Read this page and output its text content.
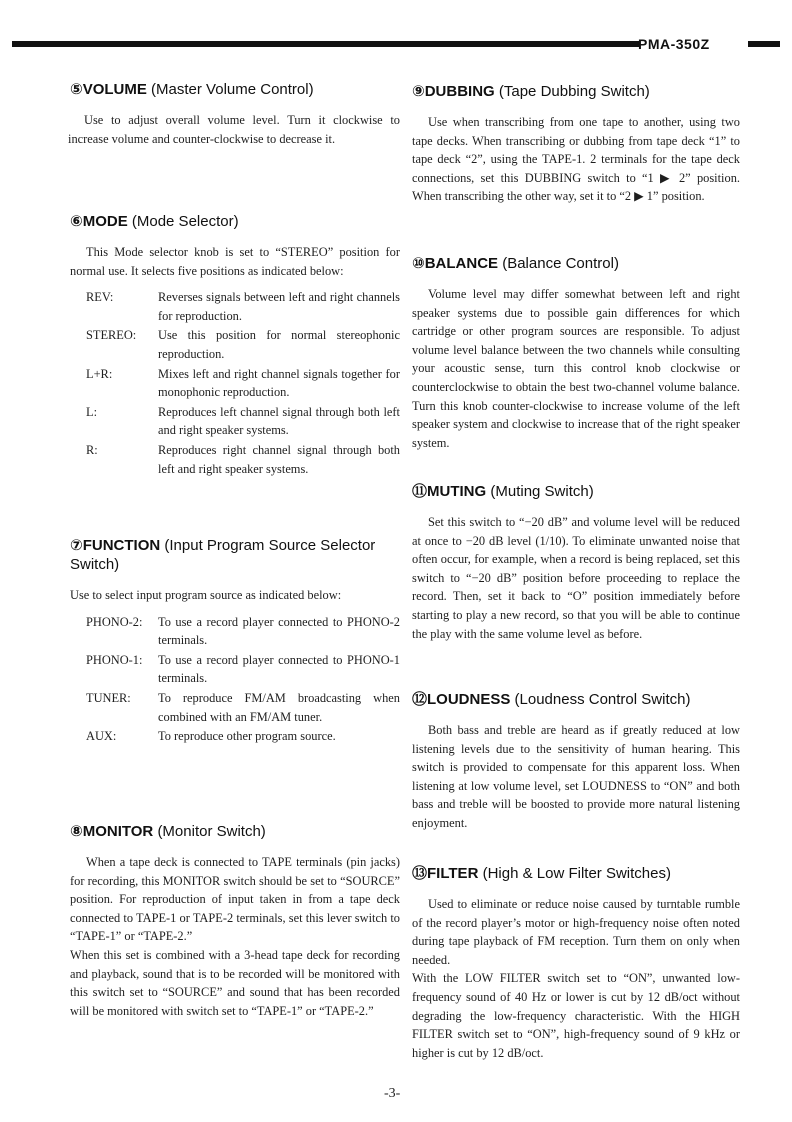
PMA-350Z
⑤VOLUME (Master Volume Control)

Use to adjust overall volume level. Turn it clockwise to increase volume and counter-clockwise to decrease it.

⑥MODE (Mode Selector)

This Mode selector knob is set to “STEREO” position for normal use. It selects five positions as indicated below:

REV:	Reverses signals between left and right channels for reproduction.
STEREO:	Use this position for normal stereophonic reproduction.
L+R:	Mixes left and right channel signals together for monophonic reproduction.
L:	Reproduces left channel signal through both left and right speaker systems.
R:	Reproduces right channel signal through both left and right speaker systems.
⑦FUNCTION (Input Program Source Selector Switch)

Use to select input program source as indicated below:

PHONO-2:	To use a record player connected to PHONO-2 terminals.
PHONO-1:	To use a record player connected to PHONO-1 terminals.
TUNER:	To reproduce FM/AM broadcasting when combined with an FM/AM tuner.
AUX:	To reproduce other program source.
⑧MONITOR (Monitor Switch)

When a tape deck is connected to TAPE terminals (pin jacks) for recording, this MONITOR switch should be set to “SOURCE” position. For reproduction of input taken in from a tape deck connected to TAPE-1 or TAPE-2 terminals, set this lever switch to “TAPE-1” or “TAPE-2.”

When this set is combined with a 3-head tape deck for recording and playback, sound that is to be recorded will be monitored with this switch set to “SOURCE” and sound that has been recorded will be monitored with switch set to “TAPE-1” or “TAPE-2.”

⑨DUBBING (Tape Dubbing Switch)

Use when transcribing from one tape to another, using two tape decks. When transcribing or dubbing from tape deck “1” to tape deck “2”, using the TAPE-1. 2 terminals for the tape deck connections, set this DUBBING switch to “1 ▶ 2” position. When transcribing the other way, set it to “2 ▶ 1” position.

⑩BALANCE (Balance Control)

Volume level may differ somewhat between left and right speaker systems due to possible gain differences for which cartridge or other program sources are responsible. To adjust volume level balance between the two channels while consulting your acoustic sense, turn this control knob clockwise or counterclockwise to obtain the best two-channel volume balance. Turn this knob counter-clockwise to increase volume of the left speaker system and clockwise to increase that of the right speaker system.

⑪MUTING (Muting Switch)

Set this switch to “−20 dB” and volume level will be reduced at once to −20 dB level (1/10). To eliminate unwanted noise that often occur, for example, when a record is being replaced, set this switch to “−20 dB” position before proceeding to replace the record. Then, set it back to “O” position immediately before starting to play a new record, so that you will be able to continue the play with the same volume level as before.

⑫LOUDNESS (Loudness Control Switch)

Both bass and treble are heard as if greatly reduced at low listening levels due to the sensitivity of human hearing. This switch is provided to compensate for this apparent loss. When listening at low volume level, set LOUDNESS to “ON” and both bass and treble will be boosted to provide more natural listening enjoyment.

⑬FILTER (High & Low Filter Switches)

Used to eliminate or reduce noise caused by turntable rumble of the record player’s motor or high-frequency noise often noted during tape playback of FM reception. Turn them on only when needed.

With the LOW FILTER switch set to “ON”, unwanted low-frequency sound of 40 Hz or lower is cut by 12 dB/oct without degrading the low-frequency characteristic. With the HIGH FILTER switch set to “ON”, high-frequency sound of 9 kHz or higher is cut by 12 dB/oct.

-3-
